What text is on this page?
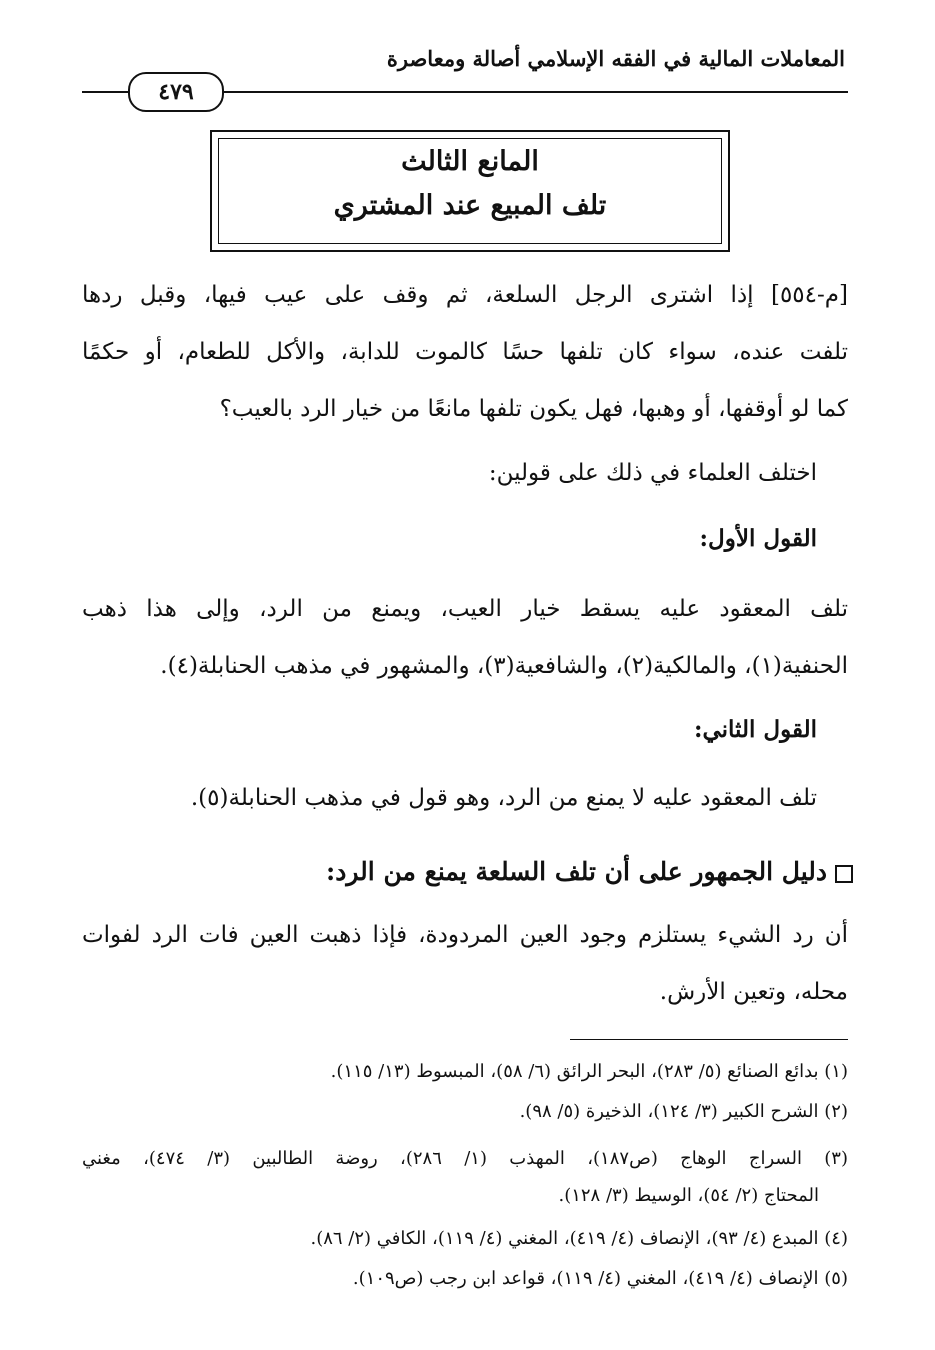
المعاملات المالية في الفقه الإسلامي أصالة ومعاصرة
٤٧٩
المانع الثالث
تلف المبيع عند المشتري
[م-٥٥٤] إذا اشترى الرجل السلعة، ثم وقف على عيب فيها، وقبل ردها
تلفت عنده، سواء كان تلفها حسًا كالموت للدابة، والأكل للطعام، أو حكمًا
كما لو أوقفها، أو وهبها، فهل يكون تلفها مانعًا من خيار الرد بالعيب؟
اختلف العلماء في ذلك على قولين:
القول الأول:
تلف المعقود عليه يسقط خيار العيب، ويمنع من الرد، وإلى هذا ذهب
الحنفية(١)، والمالكية(٢)، والشافعية(٣)، والمشهور في مذهب الحنابلة(٤).
القول الثاني:
تلف المعقود عليه لا يمنع من الرد، وهو قول في مذهب الحنابلة(٥).
دليل الجمهور على أن تلف السلعة يمنع من الرد:
أن رد الشيء يستلزم وجود العين المردودة، فإذا ذهبت العين فات الرد لفوات
محله، وتعين الأرش.
(١) بدائع الصنائع (٥/ ٢٨٣)، البحر الرائق (٦/ ٥٨)، المبسوط (١٣/ ١١٥).
(٢) الشرح الكبير (٣/ ١٢٤)، الذخيرة (٥/ ٩٨).
(٣) السراج الوهاج (ص١٨٧)، المهذب (١/ ٢٨٦)، روضة الطالبين (٣/ ٤٧٤)، مغني
المحتاج (٢/ ٥٤)، الوسيط (٣/ ١٢٨).
(٤) المبدع (٤/ ٩٣)، الإنصاف (٤/ ٤١٩)، المغني (٤/ ١١٩)، الكافي (٢/ ٨٦).
(٥) الإنصاف (٤/ ٤١٩)، المغني (٤/ ١١٩)، قواعد ابن رجب (ص١٠٩).
